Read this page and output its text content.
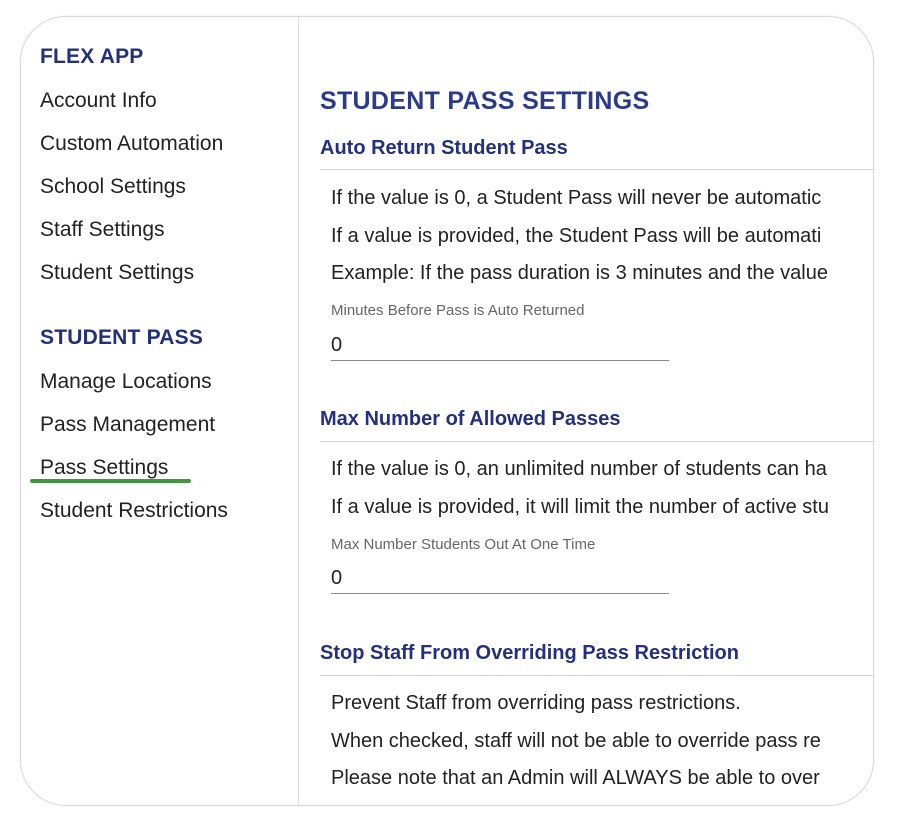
FLEX APP
Account Info
Custom Automation
School Settings
Staff Settings
Student Settings
STUDENT PASS
Manage Locations
Pass Management
Pass Settings
Student Restrictions
STUDENT PASS SETTINGS
Auto Return Student Pass
If the value is 0, a Student Pass will never be automatic
If a value is provided, the Student Pass will be automati
Example: If the pass duration is 3 minutes and the value
Minutes Before Pass is Auto Returned
0
Max Number of Allowed Passes
If the value is 0, an unlimited number of students can ha
If a value is provided, it will limit the number of active stu
Max Number Students Out At One Time
0
Stop Staff From Overriding Pass Restriction
Prevent Staff from overriding pass restrictions.
When checked, staff will not be able to override pass re
Please note that an Admin will ALWAYS be able to over
